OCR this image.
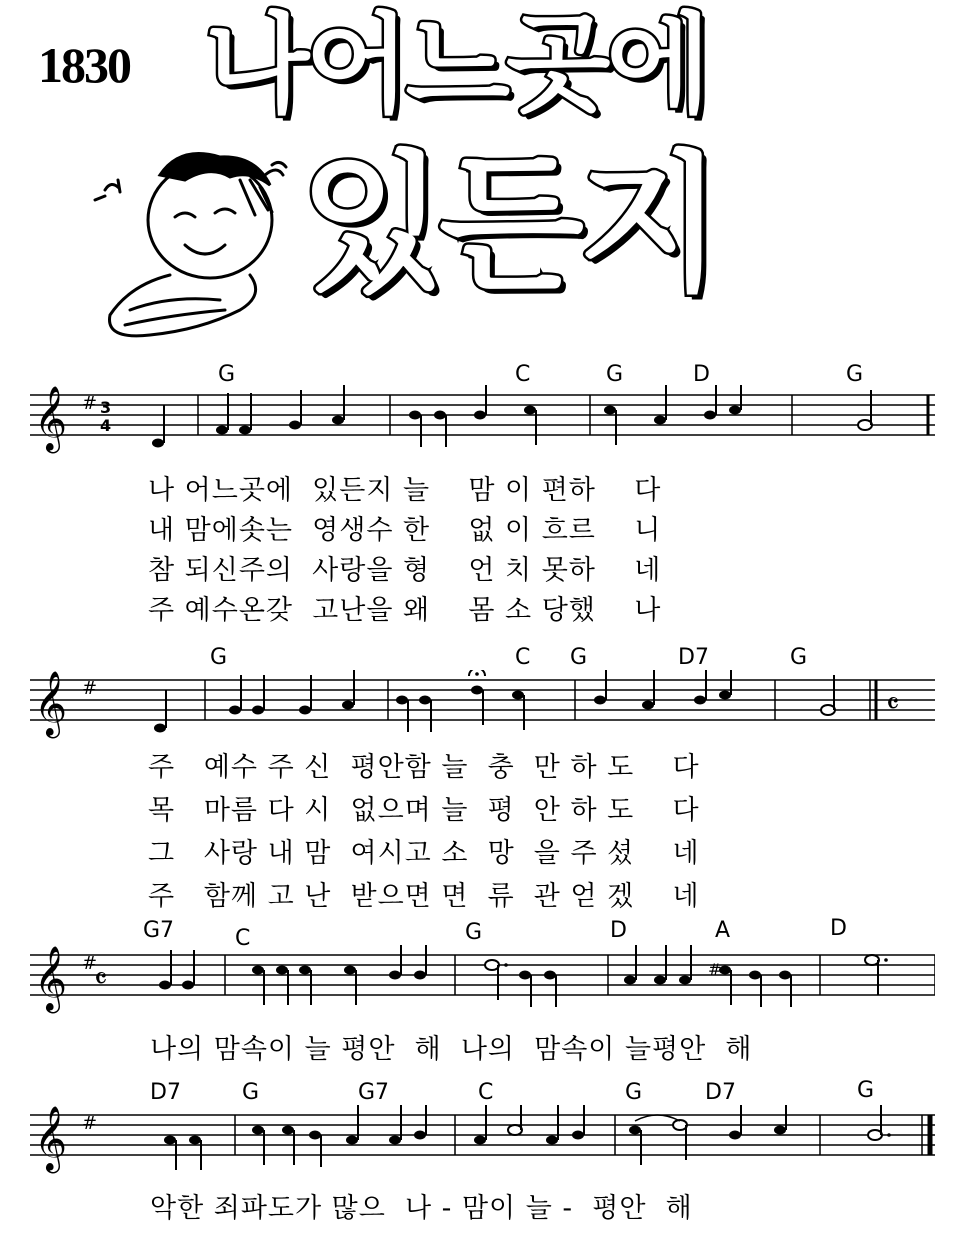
1830 나어느곳에
있든지
𝄞 # 3
4
G	C	G	D	G
나 어느곳에  있든지 늘    맘 이 편하    다
내 맘에솟는  영생수 한    없 이 흐르    니
참 되신주의  사랑을 형    언 치 못하    네
주 예수온갖  고난을 왜    몸 소 당했    나
𝄞 #	𝄴
G	C G	D7	G
주   예수 주 신  평안함 늘  충  만 하 도    다
목   마름 다 시  없으며 늘  평  안 하 도    다
그   사랑 내 맘  여시고 소  망  을 주 셨    네
주   함께 고 난  받으면 면  류  관 얻 겠    네
𝄞 #
𝄴	#
G7	C	G	D	A	D
나의 맘속이 늘 평안  해  나의  맘속이 늘평안  해
𝄞 #
D7	G	G7	C	G	D7	G
악한 죄파도가 많으  나 - 맘이 늘 -  평안  해
